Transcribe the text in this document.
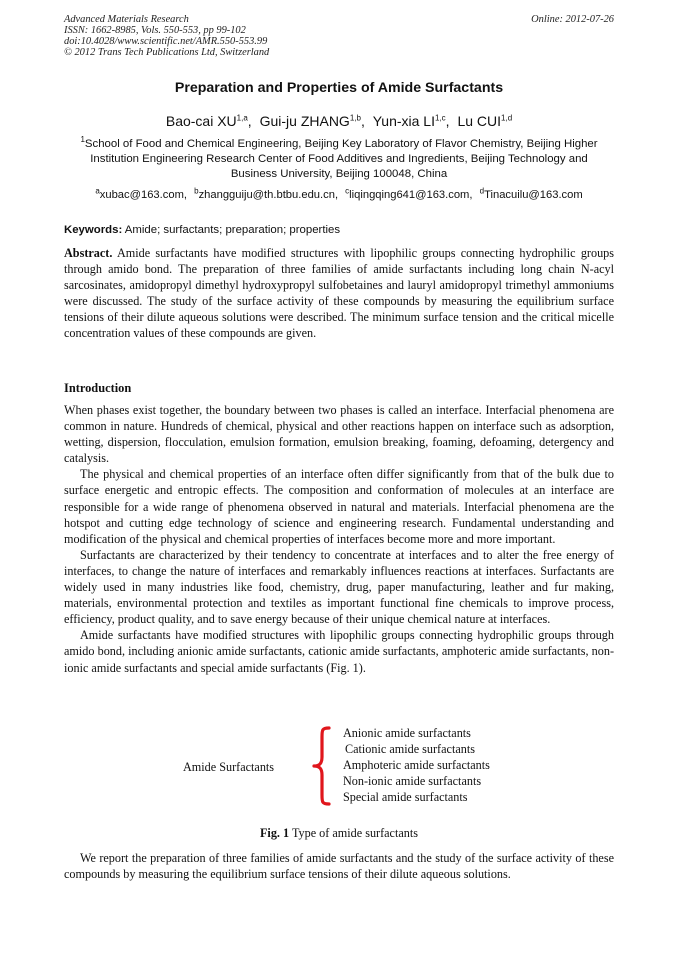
Advanced Materials Research
ISSN: 1662-8985, Vols. 550-553, pp 99-102
doi:10.4028/www.scientific.net/AMR.550-553.99
© 2012 Trans Tech Publications Ltd, Switzerland
Online: 2012-07-26
Preparation and Properties of Amide Surfactants
Bao-cai XU$^{1,a}$, Gui-ju ZHANG$^{1,b}$, Yun-xia LI$^{1,c}$, Lu CUI$^{1,d}$
$^1$School of Food and Chemical Engineering, Beijing Key Laboratory of Flavor Chemistry, Beijing Higher Institution Engineering Research Center of Food Additives and Ingredients, Beijing Technology and Business University, Beijing 100048, China
$^a$xubac@163.com, $^b$zhangguiju@th.btbu.edu.cn, $^c$liqingqing641@163.com, $^d$Tinacuilu@163.com
Keywords: Amide; surfactants; preparation; properties
Abstract. Amide surfactants have modified structures with lipophilic groups connecting hydrophilic groups through amido bond. The preparation of three families of amide surfactants including long chain N-acyl sarcosinates, amidopropyl dimethyl hydroxypropyl sulfobetaines and lauryl amidopropyl trimethyl ammoniums were discussed. The study of the surface activity of these compounds by measuring the equilibrium surface tensions of their dilute aqueous solutions were described. The minimum surface tension and the critical micelle concentration values of these compounds are given.
Introduction

When phases exist together, the boundary between two phases is called an interface. Interfacial phenomena are common in nature. Hundreds of chemical, physical and other reactions happen on interface such as adsorption, wetting, dispersion, flocculation, emulsion formation, emulsion breaking, foaming, defoaming, detergency and catalysis.

The physical and chemical properties of an interface often differ significantly from that of the bulk due to surface energetic and entropic effects. The composition and conformation of molecules at an interface are responsible for a wide range of phenomena observed in natural and materials. Interfacial phenomena are the hotspot and cutting edge technology of science and engineering research. Fundamental understanding and modification of the physical and chemical properties of interfaces become more and more important.

Surfactants are characterized by their tendency to concentrate at interfaces and to alter the free energy of interfaces, to change the nature of interfaces and remarkably influences reactions at interfaces. Surfactants are widely used in many industries like food, chemistry, drug, paper manufacturing, leather and fur making, materials, environmental protection and textiles as important functional fine chemicals to improve process, efficiency, product quality, and to save energy because of their unique chemical nature at interfaces.

Amide surfactants have modified structures with lipophilic groups connecting hydrophilic groups through amido bond, including anionic amide surfactants, cationic amide surfactants, amphoteric amide surfactants, non-ionic amide surfactants and special amide surfactants (Fig. 1).

Amide Surfactants
Anionic amide surfactants
Cationic amide surfactants
Amphoteric amide surfactants
Non-ionic amide surfactants
Special amide surfactants
Fig. 1 Type of amide surfactants
We report the preparation of three families of amide surfactants and the study of the surface activity of these compounds by measuring the equilibrium surface tensions of their dilute aqueous solutions.
